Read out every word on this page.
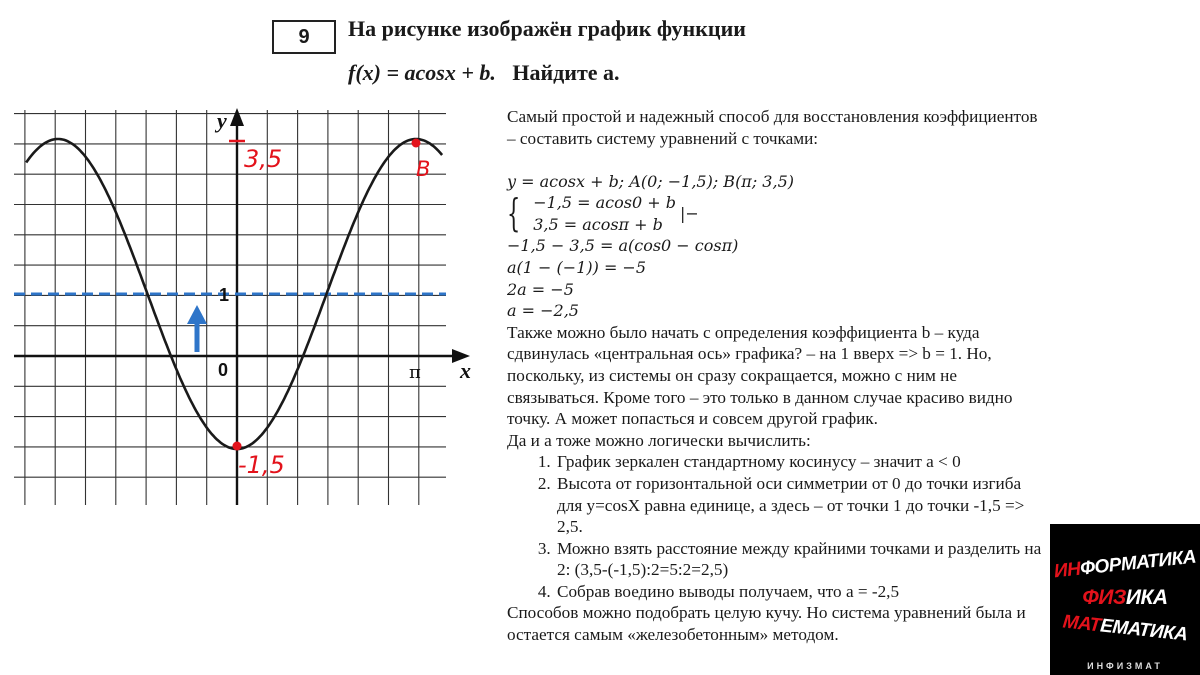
9 На рисунке изображён график функции
f(x) = acosx + b. Найдите a.
y
x
0
1
π
3,5
-1,5
B

Самый простой и надежный способ для восстановления коэффициентов – составить систему уравнений с точками:

y = acosx + b; A(0; −1,5); B(π; 3,5)
{ −1,5 = acos0 + b
3,5 = acosπ + b
|−
−1,5 − 3,5 = a(cos0 − cosπ)
a(1 − (−1)) = −5
2a = −5
a = −2,5

Также можно было начать с определения коэффициента b – куда сдвинулась «центральная ось» графика? – на 1 вверх => b = 1. Но, поскольку, из системы он сразу сокращается, можно с ним не связываться. Кроме того – это только в данном случае красиво видно точку. А может попасться и совсем другой график.

Да и а тоже можно логически вычислить:

1. График зеркален стандартному косинусу – значит а < 0
2. Высота от горизонтальной оси симметрии от 0 до точки изгиба для y=cosX равна единице, а здесь – от точки 1 до точки -1,5 => 2,5.
3. Можно взять расстояние между крайними точками и разделить на 2: (3,5-(-1,5):2=5:2=2,5)
4. Собрав воедино выводы получаем, что а = -2,5

Способов можно подобрать целую кучу. Но система уравнений была и остается самым «железобетонным» методом.

ИНФОРМАТИКА
ФИЗИКА
МАТЕМАТИКА
ИНФИЗМАТ
